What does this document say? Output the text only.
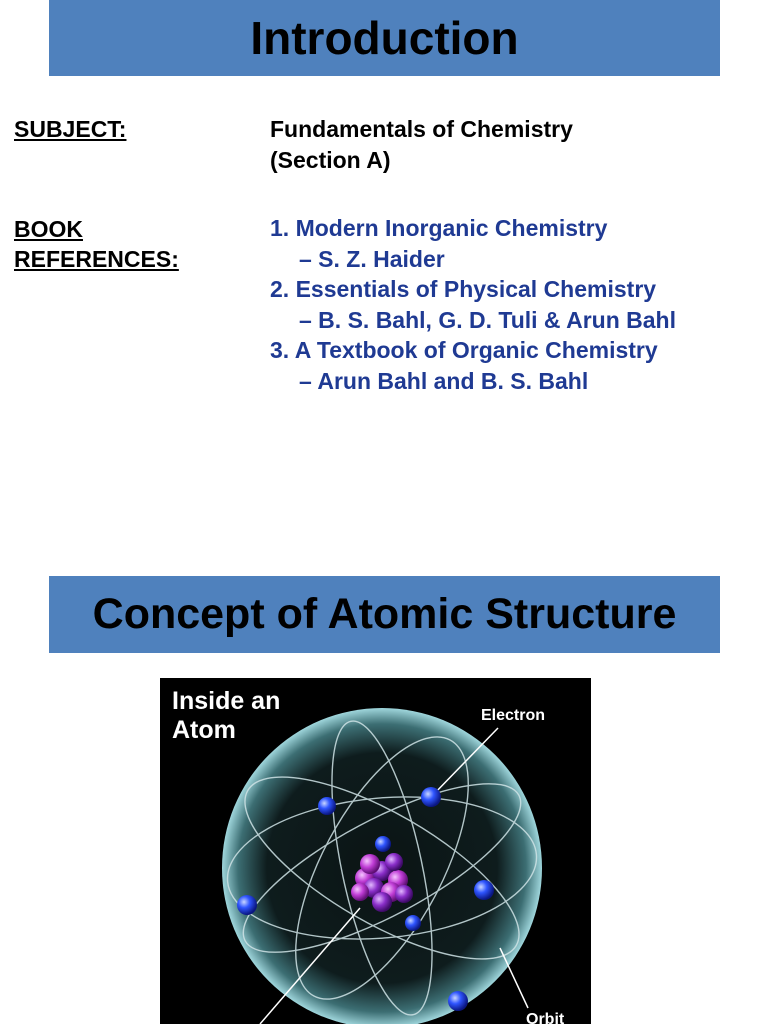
Introduction

SUBJECT:	Fundamentals of Chemistry

(Section A)

BOOK

REFERENCES:

1. Modern Inorganic Chemistry
– S. Z. Haider
2. Essentials of Physical Chemistry
– B. S. Bahl, G. D. Tuli & Arun Bahl
3. A Textbook of Organic Chemistry
– Arun Bahl and B. S. Bahl
Concept of Atomic Structure
Inside an Atom
Electron
Orbit
